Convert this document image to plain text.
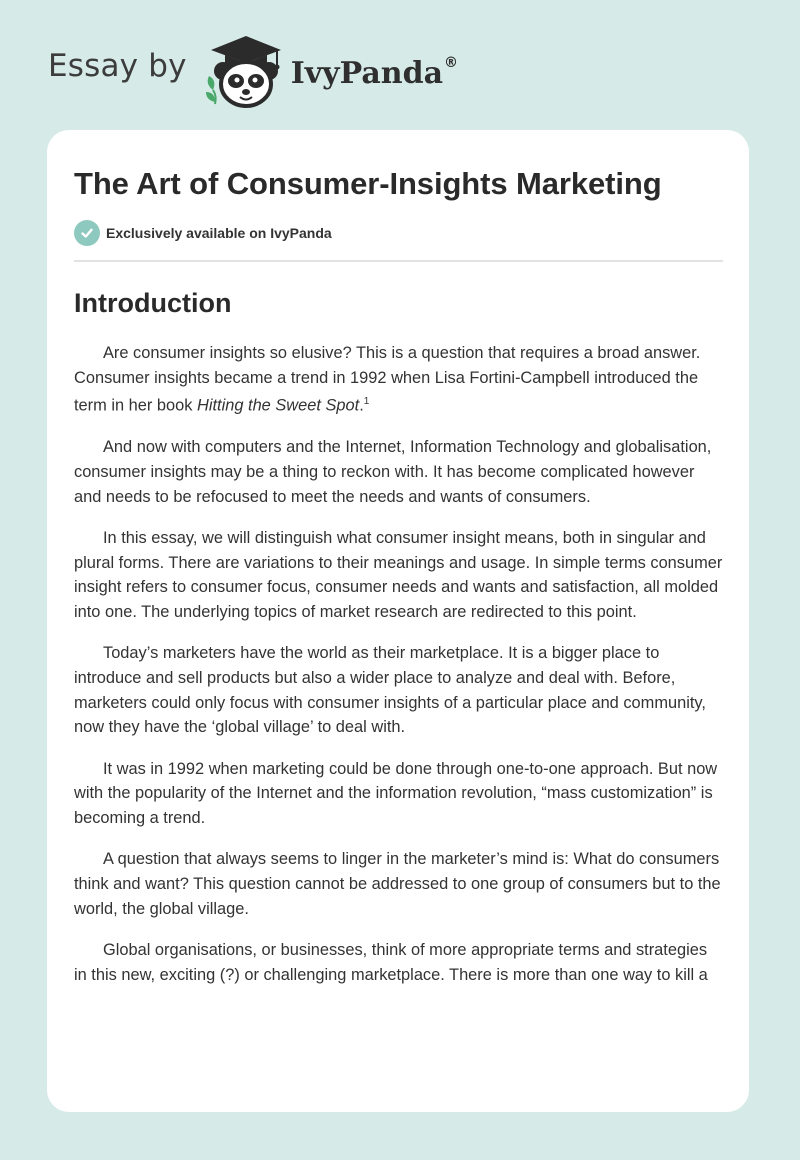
Essay by	IvyPanda®
The Art of Consumer-Insights Marketing
Exclusively available on IvyPanda
Introduction

Are consumer insights so elusive? This is a question that requires a broad answer. Consumer insights became a trend in 1992 when Lisa Fortini-Campbell introduced the term in her book Hitting the Sweet Spot.$^1$

And now with computers and the Internet, Information Technology and globalisation, consumer insights may be a thing to reckon with. It has become complicated however and needs to be refocused to meet the needs and wants of consumers.

In this essay, we will distinguish what consumer insight means, both in singular and plural forms. There are variations to their meanings and usage. In simple terms consumer insight refers to consumer focus, consumer needs and wants and satisfaction, all molded into one. The underlying topics of market research are redirected to this point.

Today’s marketers have the world as their marketplace. It is a bigger place to introduce and sell products but also a wider place to analyze and deal with. Before, marketers could only focus with consumer insights of a particular place and community, now they have the ‘global village’ to deal with.

It was in 1992 when marketing could be done through one-to-one approach. But now with the popularity of the Internet and the information revolution, “mass customization” is becoming a trend.

A question that always seems to linger in the marketer’s mind is: What do consumers think and want? This question cannot be addressed to one group of consumers but to the world, the global village.

Global organisations, or businesses, think of more appropriate terms and strategies in this new, exciting (?) or challenging marketplace. There is more than one way to kill a
